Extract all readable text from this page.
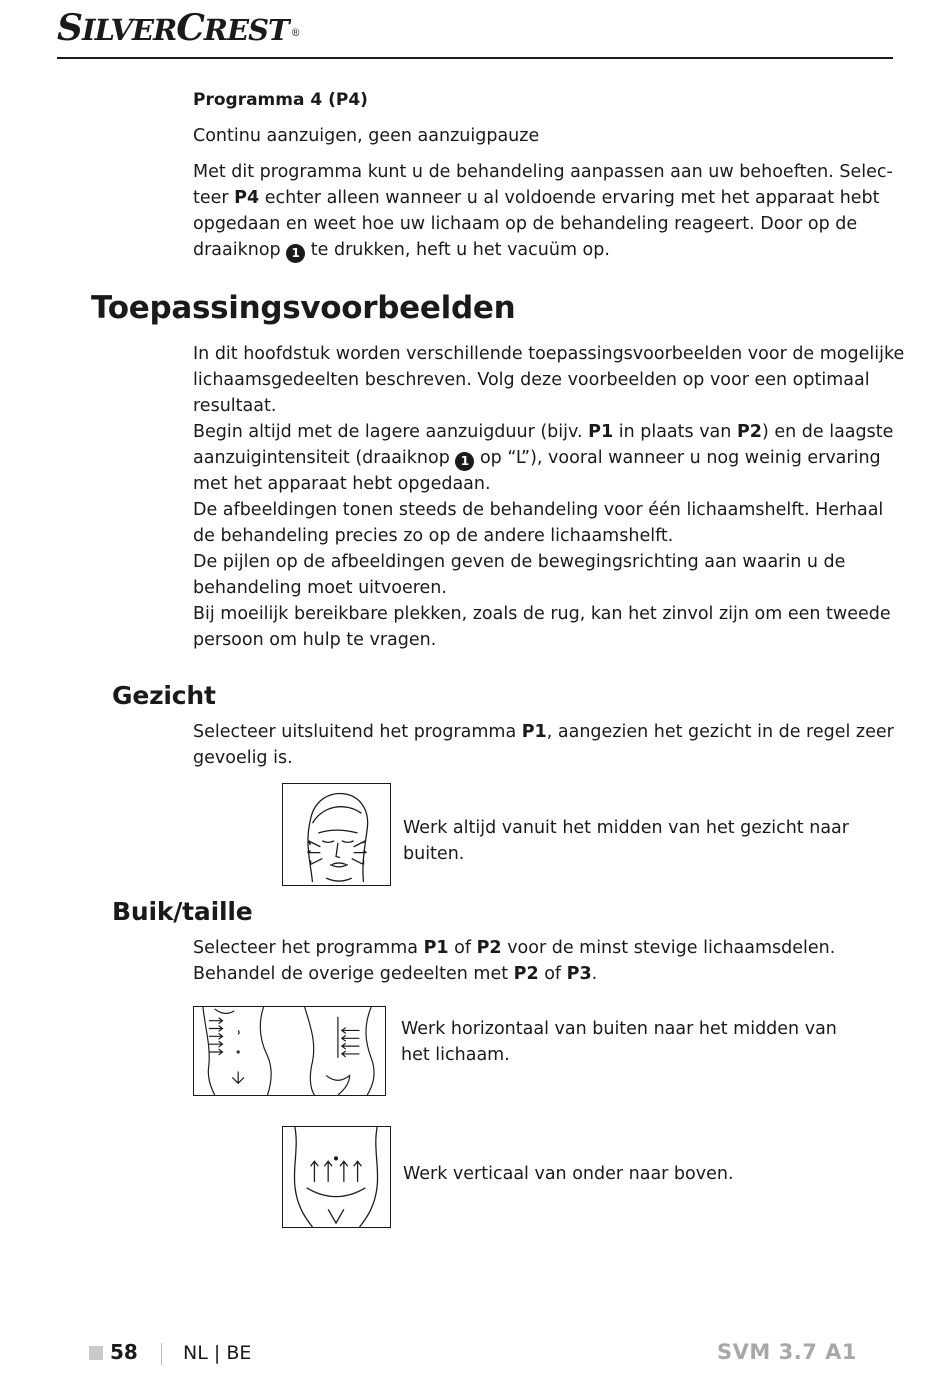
SILVERCREST ®
Programma 4 (P4)
Continu aanzuigen, geen aanzuigpauze

Met dit programma kunt u de behandeling aanpassen aan uw behoeften. Selec-

teer P4 echter alleen wanneer u al voldoende ervaring met het apparaat hebt

opgedaan en weet hoe uw lichaam op de behandeling reageert. Door op de

draaiknop 1 te drukken, heft u het vacuüm op.

Toepassingsvoorbeelden

In dit hoofdstuk worden verschillende toepassingsvoorbeelden voor de mogelijke

lichaamsgedeelten beschreven. Volg deze voorbeelden op voor een optimaal

resultaat.

Begin altijd met de lagere aanzuigduur (bijv. P1 in plaats van P2) en de laagste

aanzuigintensiteit (draaiknop 1 op “L”), vooral wanneer u nog weinig ervaring

met het apparaat hebt opgedaan.

De afbeeldingen tonen steeds de behandeling voor één lichaamshelft. Herhaal

de behandeling precies zo op de andere lichaamshelft.

De pijlen op de afbeeldingen geven de bewegingsrichting aan waarin u de

behandeling moet uitvoeren.

Bij moeilijk bereikbare plekken, zoals de rug, kan het zinvol zijn om een tweede

persoon om hulp te vragen.

Gezicht

Selecteer uitsluitend het programma P1, aangezien het gezicht in de regel zeer

gevoelig is.

Werk altijd vanuit het midden van het gezicht naar

buiten.

Buik/taille

Selecteer het programma P1 of P2 voor de minst stevige lichaamsdelen.

Behandel de overige gedeelten met P2 of P3.

Werk horizontaal van buiten naar het midden van

het lichaam.

Werk verticaal van onder naar boven.
58 NL | BE	SVM 3.7 A1
